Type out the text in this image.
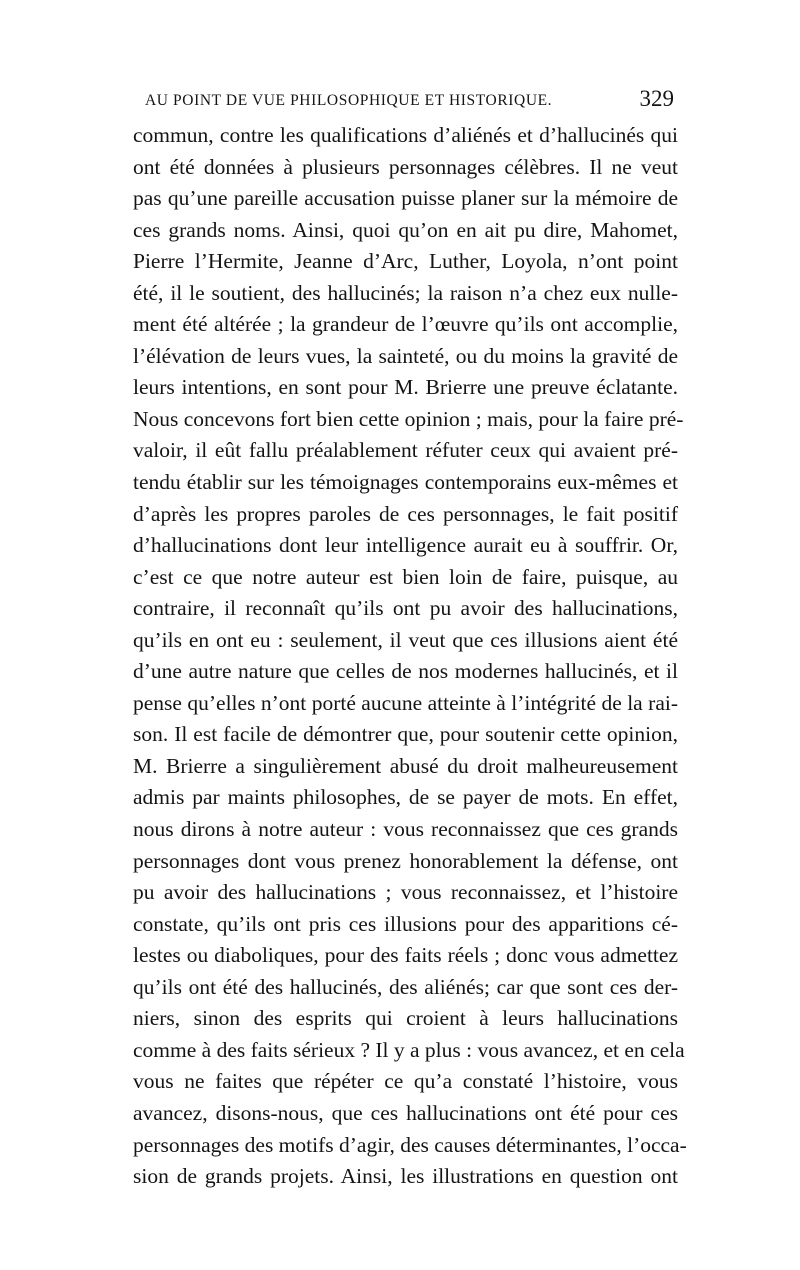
AU POINT DE VUE PHILOSOPHIQUE ET HISTORIQUE.	329
commun, contre les qualifications d’aliénés et d’hallucinés qui
ont été données à plusieurs personnages célèbres. Il ne veut
pas qu’une pareille accusation puisse planer sur la mémoire de
ces grands noms. Ainsi, quoi qu’on en ait pu dire, Mahomet,
Pierre l’Hermite, Jeanne d’Arc, Luther, Loyola, n’ont point
été, il le soutient, des hallucinés; la raison n’a chez eux nulle-
ment été altérée ; la grandeur de l’œuvre qu’ils ont accomplie,
l’élévation de leurs vues, la sainteté, ou du moins la gravité de
leurs intentions, en sont pour M. Brierre une preuve éclatante.
Nous concevons fort bien cette opinion ; mais, pour la faire pré-
valoir, il eût fallu préalablement réfuter ceux qui avaient pré-
tendu établir sur les témoignages contemporains eux-mêmes et
d’après les propres paroles de ces personnages, le fait positif
d’hallucinations dont leur intelligence aurait eu à souffrir. Or,
c’est ce que notre auteur est bien loin de faire, puisque, au
contraire, il reconnaît qu’ils ont pu avoir des hallucinations,
qu’ils en ont eu : seulement, il veut que ces illusions aient été
d’une autre nature que celles de nos modernes hallucinés, et il
pense qu’elles n’ont porté aucune atteinte à l’intégrité de la rai-
son. Il est facile de démontrer que, pour soutenir cette opinion,
M. Brierre a singulièrement abusé du droit malheureusement
admis par maints philosophes, de se payer de mots. En effet,
nous dirons à notre auteur : vous reconnaissez que ces grands
personnages dont vous prenez honorablement la défense, ont
pu avoir des hallucinations ; vous reconnaissez, et l’histoire
constate, qu’ils ont pris ces illusions pour des apparitions cé-
lestes ou diaboliques, pour des faits réels ; donc vous admettez
qu’ils ont été des hallucinés, des aliénés; car que sont ces der-
niers, sinon des esprits qui croient à leurs hallucinations
comme à des faits sérieux ? Il y a plus : vous avancez, et en cela
vous ne faites que répéter ce qu’a constaté l’histoire, vous
avancez, disons-nous, que ces hallucinations ont été pour ces
personnages des motifs d’agir, des causes déterminantes, l’occa-
sion de grands projets. Ainsi, les illustrations en question ont
